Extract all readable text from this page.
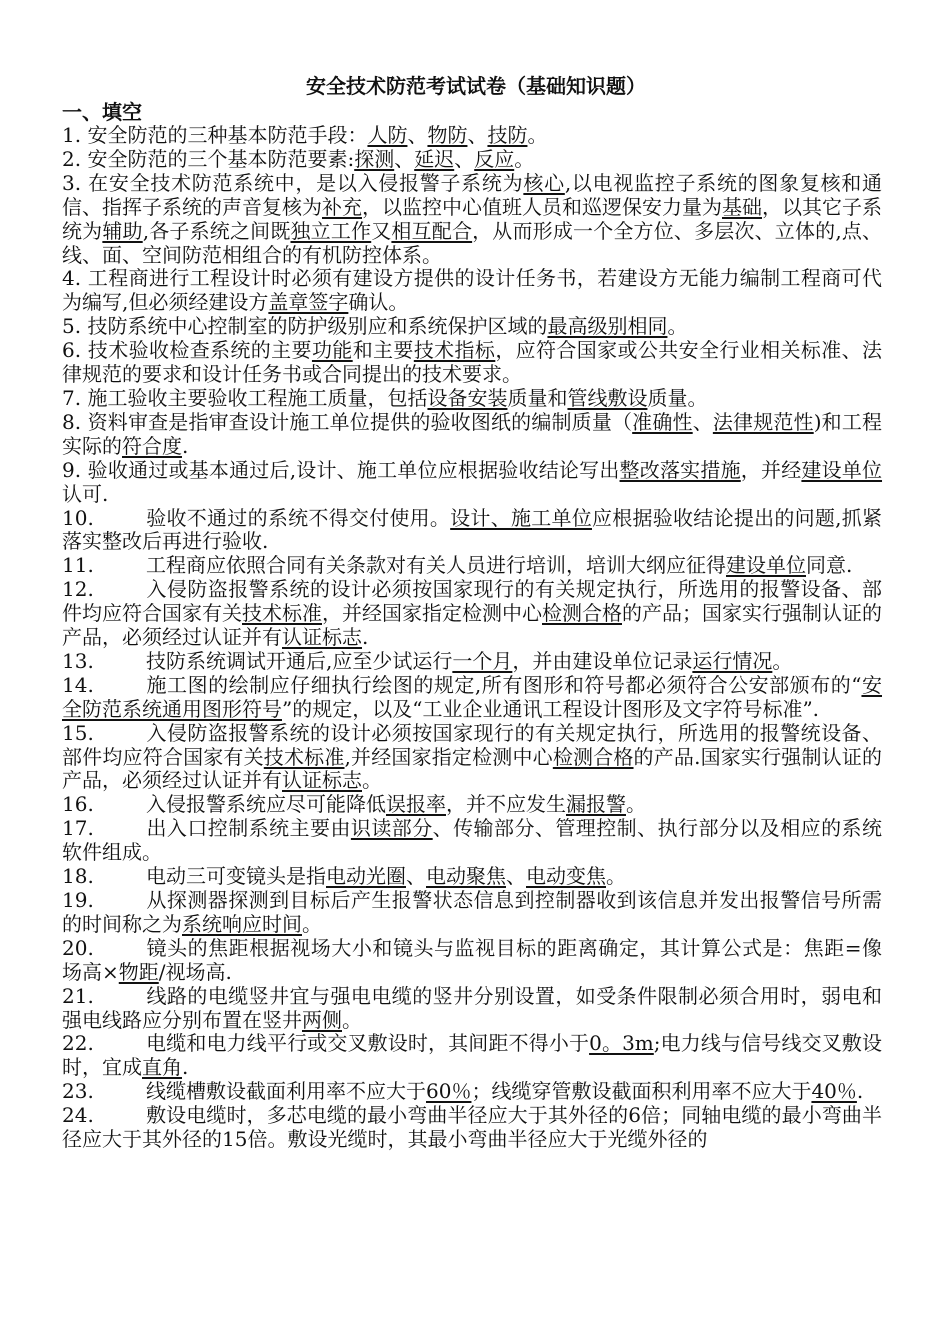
安全技术防范考试试卷（基础知识题）
一、填空

1. 安全防范的三种基本防范手段：人防、物防、技防。

2. 安全防范的三个基本防范要素:探测、延迟、反应。

3. 在安全技术防范系统中，是以入侵报警子系统为核心,以电视监控子系统的图象复核和通信、指挥子系统的声音复核为补充，以监控中心值班人员和巡逻保安力量为基础，以其它子系统为辅助,各子系统之间既独立工作又相互配合，从而形成一个全方位、多层次、立体的,点、线、面、空间防范相组合的有机防控体系。

4. 工程商进行工程设计时必须有建设方提供的设计任务书，若建设方无能力编制工程商可代为编写,但必须经建设方盖章签字确认。

5. 技防系统中心控制室的防护级别应和系统保护区域的最高级别相同。

6. 技术验收检查系统的主要功能和主要技术指标，应符合国家或公共安全行业相关标准、法律规范的要求和设计任务书或合同提出的技术要求。

7. 施工验收主要验收工程施工质量，包括设备安装质量和管线敷设质量。

8. 资料审查是指审查设计施工单位提供的验收图纸的编制质量（准确性、法律规范性)和工程实际的符合度.

9. 验收通过或基本通过后,设计、施工单位应根据验收结论写出整改落实措施，并经建设单位认可.

10.	验收不通过的系统不得交付使用。设计、施工单位应根据验收结论提出的问题,抓紧落实整改后再进行验收.

11.	工程商应依照合同有关条款对有关人员进行培训，培训大纲应征得建设单位同意.

12.	入侵防盗报警系统的设计必须按国家现行的有关规定执行，所选用的报警设备、部件均应符合国家有关技术标准，并经国家指定检测中心检测合格的产品；国家实行强制认证的产品，必须经过认证并有认证标志.

13.	技防系统调试开通后,应至少试运行一个月，并由建设单位记录运行情况。

14.	施工图的绘制应仔细执行绘图的规定,所有图形和符号都必须符合公安部颁布的“安全防范系统通用图形符号”的规定，以及“工业企业通讯工程设计图形及文字符号标准”.

15.	入侵防盗报警系统的设计必须按国家现行的有关规定执行，所选用的报警统设备、部件均应符合国家有关技术标准,并经国家指定检测中心检测合格的产品.国家实行强制认证的产品，必须经过认证并有认证标志。

16.	入侵报警系统应尽可能降低误报率，并不应发生漏报警。

17.	出入口控制系统主要由识读部分、传输部分、管理控制、执行部分以及相应的系统软件组成。

18.	电动三可变镜头是指电动光圈、电动聚焦、电动变焦。

19.	从探测器探测到目标后产生报警状态信息到控制器收到该信息并发出报警信号所需的时间称之为系统响应时间。

20.	镜头的焦距根据视场大小和镜头与监视目标的距离确定，其计算公式是：焦距=像场高×物距/视场高.

21.	线路的电缆竖井宜与强电电缆的竖井分别设置，如受条件限制必须合用时，弱电和强电线路应分别布置在竖井两侧。

22.	电缆和电力线平行或交叉敷设时，其间距不得小于0。3m;电力线与信号线交叉敷设时，宜成直角.

23.	线缆槽敷设截面利用率不应大于60％；线缆穿管敷设截面积利用率不应大于40％.

24.	敷设电缆时，多芯电缆的最小弯曲半径应大于其外径的6倍；同轴电缆的最小弯曲半径应大于其外径的15倍。敷设光缆时，其最小弯曲半径应大于光缆外径的
